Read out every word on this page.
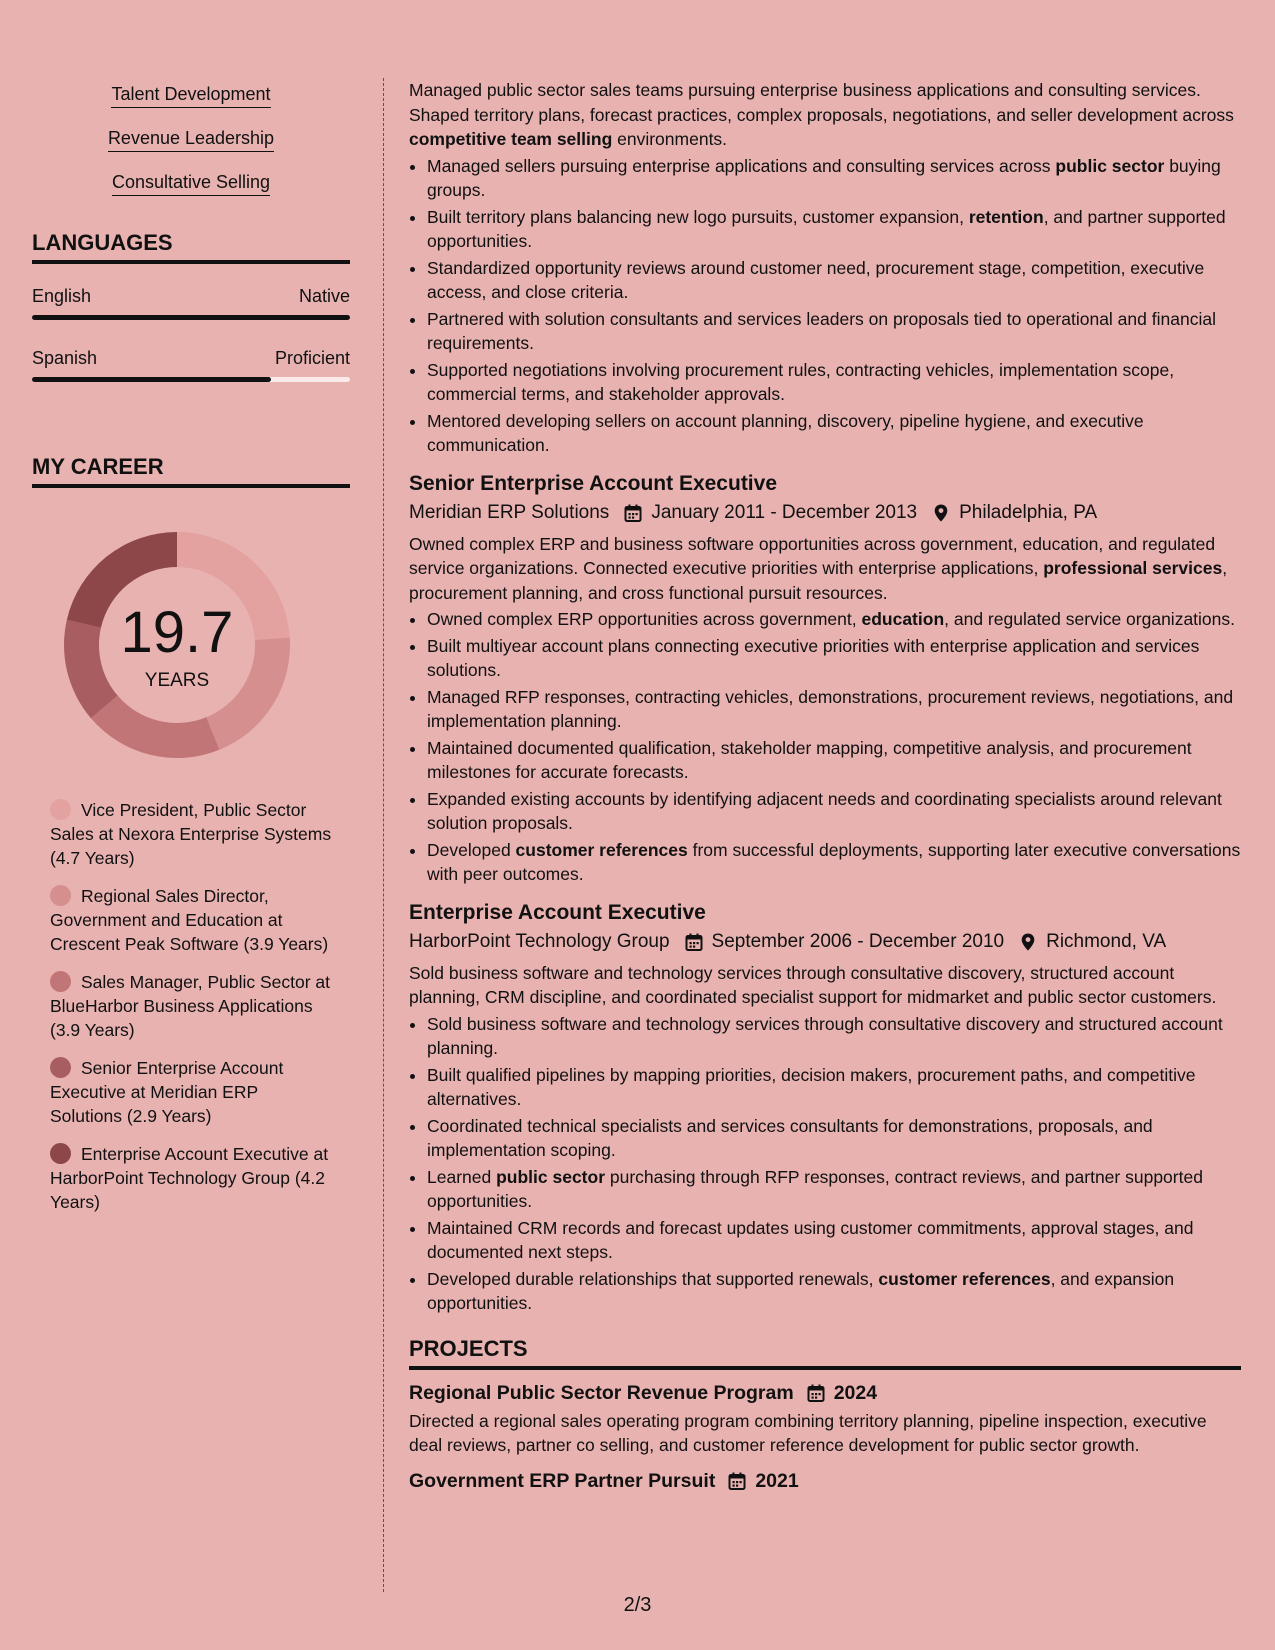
Talent Development
Revenue Leadership
Consultative Selling
LANGUAGES
English	Native
Spanish	Proficient
MY CAREER
19.7
YEARS
Vice President, Public Sector Sales at Nexora Enterprise Systems (4.7 Years)
Regional Sales Director, Government and Education at Crescent Peak Software (3.9 Years)
Sales Manager, Public Sector at BlueHarbor Business Applications (3.9 Years)
Senior Enterprise Account Executive at Meridian ERP Solutions (2.9 Years)
Enterprise Account Executive at HarborPoint Technology Group (4.2 Years)

Managed public sector sales teams pursuing enterprise business applications and consulting services. Shaped territory plans, forecast practices, complex proposals, negotiations, and seller development across competitive team selling environments.

• Managed sellers pursuing enterprise applications and consulting services across public sector buying groups.
• Built territory plans balancing new logo pursuits, customer expansion, retention, and partner supported opportunities.
• Standardized opportunity reviews around customer need, procurement stage, competition, executive access, and close criteria.
• Partnered with solution consultants and services leaders on proposals tied to operational and financial requirements.
• Supported negotiations involving procurement rules, contracting vehicles, implementation scope, commercial terms, and stakeholder approvals.
• Mentored developing sellers on account planning, discovery, pipeline hygiene, and executive communication.
Senior Enterprise Account Executive
Meridian ERP Solutions January 2011 - December 2013 Philadelphia, PA

Owned complex ERP and business software opportunities across government, education, and regulated service organizations. Connected executive priorities with enterprise applications, professional services, procurement planning, and cross functional pursuit resources.

• Owned complex ERP opportunities across government, education, and regulated service organizations.
• Built multiyear account plans connecting executive priorities with enterprise application and services solutions.
• Managed RFP responses, contracting vehicles, demonstrations, procurement reviews, negotiations, and implementation planning.
• Maintained documented qualification, stakeholder mapping, competitive analysis, and procurement milestones for accurate forecasts.
• Expanded existing accounts by identifying adjacent needs and coordinating specialists around relevant solution proposals.
• Developed customer references from successful deployments, supporting later executive conversations with peer outcomes.
Enterprise Account Executive
HarborPoint Technology Group September 2006 - December 2010 Richmond, VA

Sold business software and technology services through consultative discovery, structured account planning, CRM discipline, and coordinated specialist support for midmarket and public sector customers.

• Sold business software and technology services through consultative discovery and structured account planning.
• Built qualified pipelines by mapping priorities, decision makers, procurement paths, and competitive alternatives.
• Coordinated technical specialists and services consultants for demonstrations, proposals, and implementation scoping.
• Learned public sector purchasing through RFP responses, contract reviews, and partner supported opportunities.
• Maintained CRM records and forecast updates using customer commitments, approval stages, and documented next steps.
• Developed durable relationships that supported renewals, customer references, and expansion opportunities.
PROJECTS
Regional Public Sector Revenue Program 2024

Directed a regional sales operating program combining territory planning, pipeline inspection, executive deal reviews, partner co selling, and customer reference development for public sector growth.

Government ERP Partner Pursuit 2021
2/3
